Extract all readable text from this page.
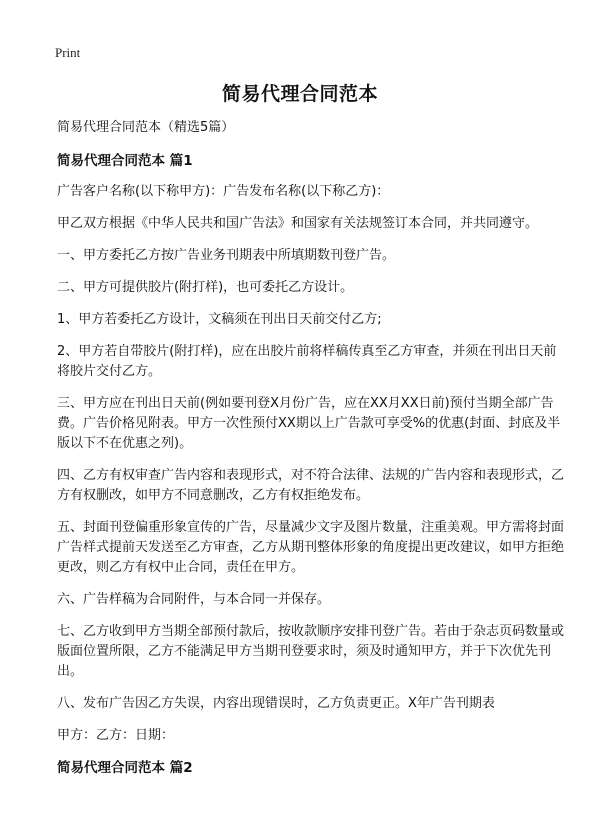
Print
简易代理合同范本

简易代理合同范本（精选5篇）

简易代理合同范本 篇1

广告客户名称(以下称甲方)：广告发布名称(以下称乙方)：

甲乙双方根据《中华人民共和国广告法》和国家有关法规签订本合同，并共同遵守。

一、甲方委托乙方按广告业务刊期表中所填期数刊登广告。

二、甲方可提供胶片(附打样)，也可委托乙方设计。

1、甲方若委托乙方设计，文稿须在刊出日天前交付乙方;

2、甲方若自带胶片(附打样)，应在出胶片前将样稿传真至乙方审查，并须在刊出日天前将胶片交付乙方。

三、甲方应在刊出日天前(例如要刊登X月份广告，应在XX月XX日前)预付当期全部广告费。广告价格见附表。甲方一次性预付XX期以上广告款可享受%的优惠(封面、封底及半版以下不在优惠之列)。

四、乙方有权审查广告内容和表现形式，对不符合法律、法规的广告内容和表现形式，乙方有权删改，如甲方不同意删改，乙方有权拒绝发布。

五、封面刊登偏重形象宣传的广告，尽量减少文字及图片数量，注重美观。甲方需将封面广告样式提前天发送至乙方审查，乙方从期刊整体形象的角度提出更改建议，如甲方拒绝更改，则乙方有权中止合同，责任在甲方。

六、广告样稿为合同附件，与本合同一并保存。

七、乙方收到甲方当期全部预付款后，按收款顺序安排刊登广告。若由于杂志页码数量或版面位置所限，乙方不能满足甲方当期刊登要求时，须及时通知甲方，并于下次优先刊出。

八、发布广告因乙方失误，内容出现错误时，乙方负责更正。X年广告刊期表

甲方：乙方：日期：

简易代理合同范本 篇2
